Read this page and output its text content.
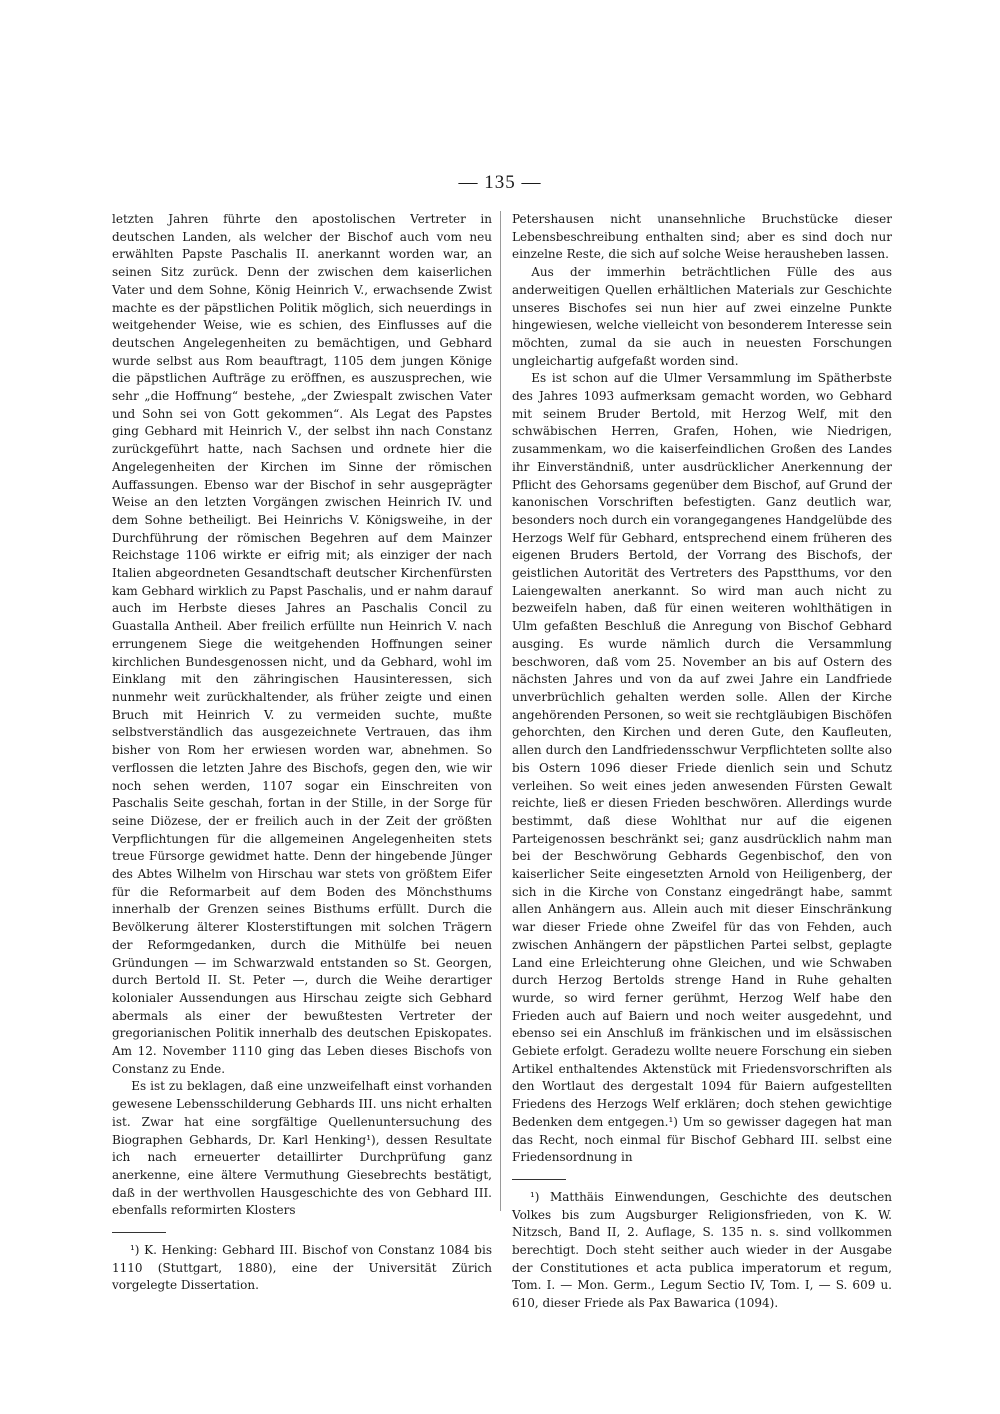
— 135 —

letzten Jahren führte den apostolischen Vertreter in deutschen Landen, als welcher der Bischof auch vom neu erwählten Papste Paschalis II. anerkannt worden war, an seinen Sitz zurück. Denn der zwischen dem kaiserlichen Vater und dem Sohne, König Heinrich V., erwachsende Zwist machte es der päpstlichen Politik möglich, sich neuerdings in weitgehender Weise, wie es schien, des Einflusses auf die deutschen Angelegenheiten zu bemächtigen, und Gebhard wurde selbst aus Rom beauftragt, 1105 dem jungen Könige die päpstlichen Aufträge zu eröffnen, es auszusprechen, wie sehr „die Hoffnung“ bestehe, „der Zwiespalt zwischen Vater und Sohn sei von Gott gekommen“. Als Legat des Papstes ging Gebhard mit Heinrich V., der selbst ihn nach Constanz zurückgeführt hatte, nach Sachsen und ordnete hier die Angelegenheiten der Kirchen im Sinne der römischen Auffassungen. Ebenso war der Bischof in sehr ausgeprägter Weise an den letzten Vorgängen zwischen Heinrich IV. und dem Sohne betheiligt. Bei Heinrichs V. Königsweihe, in der Durchführung der römischen Begehren auf dem Mainzer Reichstage 1106 wirkte er eifrig mit; als einziger der nach Italien abgeordneten Gesandtschaft deutscher Kirchenfürsten kam Gebhard wirklich zu Papst Paschalis, und er nahm darauf auch im Herbste dieses Jahres an Paschalis Concil zu Guastalla Antheil. Aber freilich erfüllte nun Heinrich V. nach errungenem Siege die weitgehenden Hoffnungen seiner kirchlichen Bundesgenossen nicht, und da Gebhard, wohl im Einklang mit den zähringischen Hausinteressen, sich nunmehr weit zurückhaltender, als früher zeigte und einen Bruch mit Heinrich V. zu vermeiden suchte, mußte selbstverständlich das ausgezeichnete Vertrauen, das ihm bisher von Rom her erwiesen worden war, abnehmen. So verflossen die letzten Jahre des Bischofs, gegen den, wie wir noch sehen werden, 1107 sogar ein Einschreiten von Paschalis Seite geschah, fortan in der Stille, in der Sorge für seine Diözese, der er freilich auch in der Zeit der größten Verpflichtungen für die allgemeinen Angelegenheiten stets treue Fürsorge gewidmet hatte. Denn der hingebende Jünger des Abtes Wilhelm von Hirschau war stets von größtem Eifer für die Reformarbeit auf dem Boden des Mönchsthums innerhalb der Grenzen seines Bisthums erfüllt. Durch die Bevölkerung älterer Klosterstiftungen mit solchen Trägern der Reformgedanken, durch die Mithülfe bei neuen Gründungen — im Schwarzwald entstanden so St. Georgen, durch Bertold II. St. Peter —, durch die Weihe derartiger kolonialer Aussendungen aus Hirschau zeigte sich Gebhard abermals als einer der bewußtesten Vertreter der gregorianischen Politik innerhalb des deutschen Episkopates. Am 12. November 1110 ging das Leben dieses Bischofs von Constanz zu Ende.

Es ist zu beklagen, daß eine unzweifelhaft einst vorhanden gewesene Lebensschilderung Gebhards III. uns nicht erhalten ist. Zwar hat eine sorgfältige Quellenuntersuchung des Biographen Gebhards, Dr. Karl Henking¹), dessen Resultate ich nach erneuerter detaillirter Durchprüfung ganz anerkenne, eine ältere Vermuthung Giesebrechts bestätigt, daß in der werthvollen Hausgeschichte des von Gebhard III. ebenfalls reformirten Klosters

¹) K. Henking: Gebhard III. Bischof von Constanz 1084 bis 1110 (Stuttgart, 1880), eine der Universität Zürich vorgelegte Dissertation.

Petershausen nicht unansehnliche Bruchstücke dieser Lebensbeschreibung enthalten sind; aber es sind doch nur einzelne Reste, die sich auf solche Weise herausheben lassen.

Aus der immerhin beträchtlichen Fülle des aus anderweitigen Quellen erhältlichen Materials zur Geschichte unseres Bischofes sei nun hier auf zwei einzelne Punkte hingewiesen, welche vielleicht von besonderem Interesse sein möchten, zumal da sie auch in neuesten Forschungen ungleichartig aufgefaßt worden sind.

Es ist schon auf die Ulmer Versammlung im Spätherbste des Jahres 1093 aufmerksam gemacht worden, wo Gebhard mit seinem Bruder Bertold, mit Herzog Welf, mit den schwäbischen Herren, Grafen, Hohen, wie Niedrigen, zusammenkam, wo die kaiserfeindlichen Großen des Landes ihr Einverständniß, unter ausdrücklicher Anerkennung der Pflicht des Gehorsams gegenüber dem Bischof, auf Grund der kanonischen Vorschriften befestigten. Ganz deutlich war, besonders noch durch ein vorangegangenes Handgelübde des Herzogs Welf für Gebhard, entsprechend einem früheren des eigenen Bruders Bertold, der Vorrang des Bischofs, der geistlichen Autorität des Vertreters des Papstthums, vor den Laiengewalten anerkannt. So wird man auch nicht zu bezweifeln haben, daß für einen weiteren wohlthätigen in Ulm gefaßten Beschluß die Anregung von Bischof Gebhard ausging. Es wurde nämlich durch die Versammlung beschworen, daß vom 25. November an bis auf Ostern des nächsten Jahres und von da auf zwei Jahre ein Landfriede unverbrüchlich gehalten werden solle. Allen der Kirche angehörenden Personen, so weit sie rechtgläubigen Bischöfen gehorchten, den Kirchen und deren Gute, den Kaufleuten, allen durch den Landfriedensschwur Verpflichteten sollte also bis Ostern 1096 dieser Friede dienlich sein und Schutz verleihen. So weit eines jeden anwesenden Fürsten Gewalt reichte, ließ er diesen Frieden beschwören. Allerdings wurde bestimmt, daß diese Wohlthat nur auf die eigenen Parteigenossen beschränkt sei; ganz ausdrücklich nahm man bei der Beschwörung Gebhards Gegenbischof, den von kaiserlicher Seite eingesetzten Arnold von Heiligenberg, der sich in die Kirche von Constanz eingedrängt habe, sammt allen Anhängern aus. Allein auch mit dieser Einschränkung war dieser Friede ohne Zweifel für das von Fehden, auch zwischen Anhängern der päpstlichen Partei selbst, geplagte Land eine Erleichterung ohne Gleichen, und wie Schwaben durch Herzog Bertolds strenge Hand in Ruhe gehalten wurde, so wird ferner gerühmt, Herzog Welf habe den Frieden auch auf Baiern und noch weiter ausgedehnt, und ebenso sei ein Anschluß im fränkischen und im elsässischen Gebiete erfolgt. Geradezu wollte neuere Forschung ein sieben Artikel enthaltendes Aktenstück mit Friedensvorschriften als den Wortlaut des dergestalt 1094 für Baiern aufgestellten Friedens des Herzogs Welf erklären; doch stehen gewichtige Bedenken dem entgegen.¹) Um so gewisser dagegen hat man das Recht, noch einmal für Bischof Gebhard III. selbst eine Friedensordnung in

¹) Matthäis Einwendungen, Geschichte des deutschen Volkes bis zum Augsburger Religionsfrieden, von K. W. Nitzsch, Band II, 2. Auflage, S. 135 n. s. sind vollkommen berechtigt. Doch steht seither auch wieder in der Ausgabe der Constitutiones et acta publica imperatorum et regum, Tom. I. — Mon. Germ., Legum Sectio IV, Tom. I, — S. 609 u. 610, dieser Friede als Pax Bawarica (1094).
